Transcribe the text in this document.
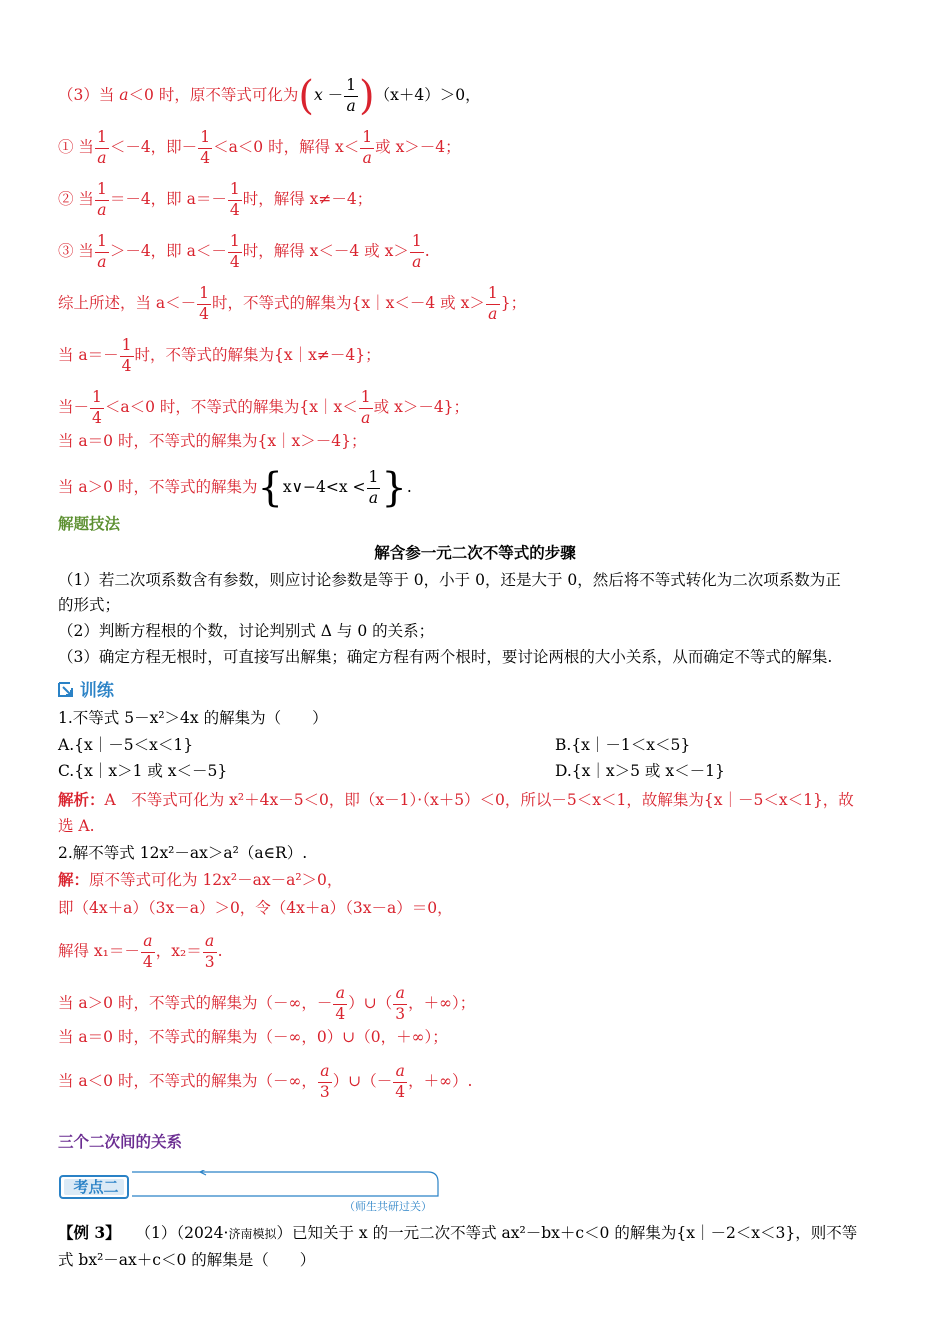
（3）当 a＜0 时，原不等式可化为$(x - \frac{1}{a} )(x+4)>0$，
① 当 $\frac{1}{a} <-4$，即－ $\frac{1}{4} <a<0$ 时，解得 $x< \frac{1}{a}$ 或 x＞－4；
② 当 $\frac{1}{a} =-4$，即 $a=- \frac{1}{4}$ 时，解得 x≠－4；
③ 当 $\frac{1}{a} >-4$，即 $a<- \frac{1}{4}$ 时，解得 x＜－4 或 $x> \frac{1}{a}$ .
综上所述，当 $a<- \frac{1}{4}$ 时，不等式的解集为{x｜x＜－4 或 $x> \frac{1}{a}$ }；
当 $a=- \frac{1}{4}$ 时，不等式的解集为{x｜x≠－4}；
当－ $\frac{1}{4} <a<0$ 时，不等式的解集为{x｜x＜ $\frac{1}{a}$ 或 x＞－4}；
当 a＝0 时，不等式的解集为{x｜x＞－4}；
当 a＞0 时，不等式的解集为{x∨−4<x < $\frac{1}{a}$ }.
解题技法
解含参一元二次不等式的步骤
（1）若二次项系数含有参数，则应讨论参数是等于 0，小于 0，还是大于 0，然后将不等式转化为二次项系数为正
的形式；
（2）判断方程根的个数，讨论判别式 Δ 与 0 的关系；
（3）确定方程无根时，可直接写出解集；确定方程有两个根时，要讨论两根的大小关系，从而确定不等式的解集.
训练
1.不等式 5－x²＞4x 的解集为（　　）
A.{x｜－5＜x＜1}	B.{x｜－1＜x＜5}
C.{x｜x＞1 或 x＜－5}	D.{x｜x＞5 或 x＜－1}
解析：A　不等式可化为 x²＋4x－5＜0，即（x－1）·（x＋5）＜0，所以－5＜x＜1，故解集为{x｜－5＜x＜1}，故
选 A.
2.解不等式 12x²－ax＞a²（a∈R）.
解：原不等式可化为 12x²－ax－a²＞0，
即（4x＋a）（3x－a）＞0，令（4x＋a）（3x－a）＝0，
解得 $x_1=- \frac{a}{4}$ ，$x_2= \frac{a}{3}$ .
当 a＞0 时，不等式的解集为（－∞，－ $\frac{a}{4}$ ）∪（ $\frac{a}{3}$ ，＋∞）；
当 a＝0 时，不等式的解集为（－∞，0）∪（0，＋∞）；
当 a＜0 时，不等式的解集为（－∞， $\frac{a}{3}$ ）∪（－ $\frac{a}{4}$ ，＋∞）.
三个二次间的关系
考点二
（师生共研过关）
【例 3】 （1）（2024·济南模拟）已知关于 x 的一元二次不等式 ax²－bx＋c＜0 的解集为{x｜－2＜x＜3}，则不等
式 bx²－ax＋c＜0 的解集是（　　）
